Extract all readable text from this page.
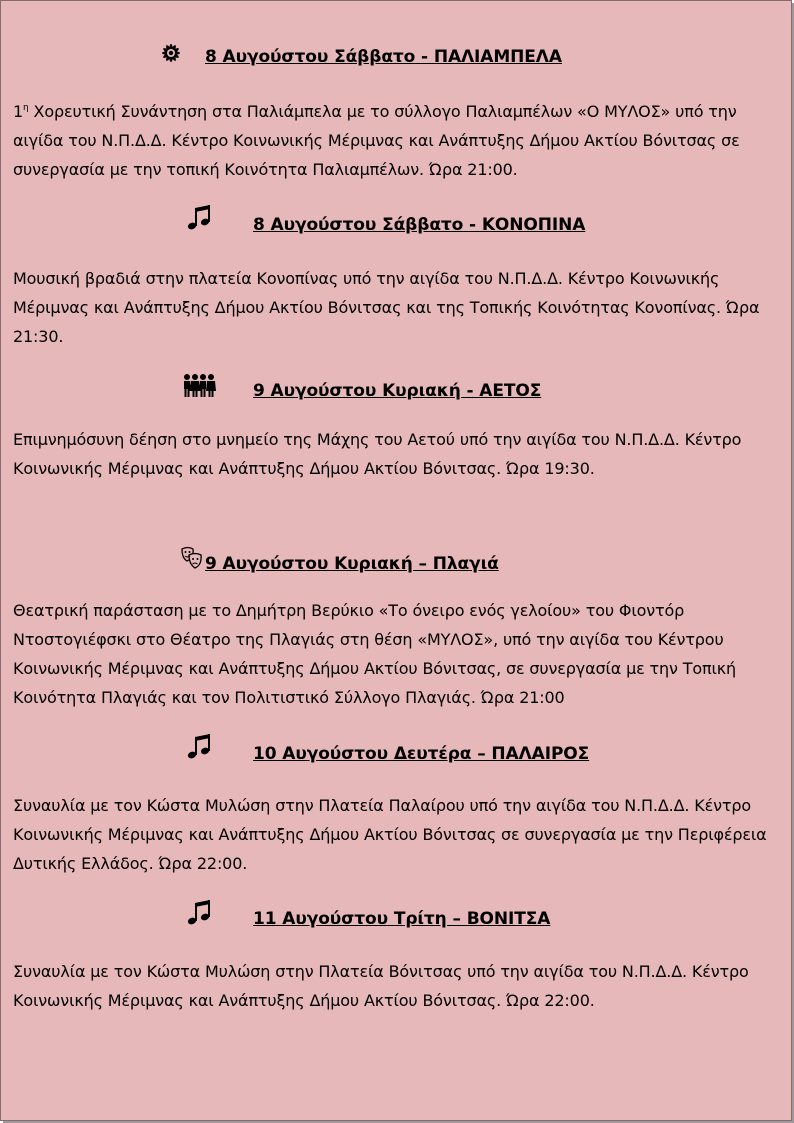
8 Αυγούστου Σάββατο - ΠΑΛΙΑΜΠΕΛΑ
$1^\eta$ Χορευτική Συνάντηση στα Παλιάμπελα με το σύλλογο Παλιαμπέλων «Ο ΜΥΛΟΣ» υπό την αιγίδα του Ν.Π.Δ.Δ. Κέντρο Κοινωνικής Μέριμνας και Ανάπτυξης Δήμου Ακτίου Βόνιτσας σε συνεργασία με την τοπική Κοινότητα Παλιαμπέλων. Ώρα 21:00.
8 Αυγούστου Σάββατο - ΚΟΝΟΠΙΝΑ
Μουσική βραδιά στην πλατεία Κονοπίνας υπό την αιγίδα του Ν.Π.Δ.Δ. Κέντρο Κοινωνικής Μέριμνας και Ανάπτυξης Δήμου Ακτίου Βόνιτσας και της Τοπικής Κοινότητας Κονοπίνας. Ώρα 21:30.
9 Αυγούστου Κυριακή - ΑΕΤΟΣ
Επιμνημόσυνη δέηση στο μνημείο της Μάχης του Αετού υπό την αιγίδα του Ν.Π.Δ.Δ. Κέντρο Κοινωνικής Μέριμνας και Ανάπτυξης Δήμου Ακτίου Βόνιτσας. Ώρα 19:30.
9 Αυγούστου Κυριακή – Πλαγιά
Θεατρική παράσταση με το Δημήτρη Βερύκιο «Το όνειρο ενός γελοίου» του Φιοντόρ Ντοστογιέφσκι στο Θέατρο της Πλαγιάς στη θέση «ΜΥΛΟΣ», υπό την αιγίδα του Κέντρου Κοινωνικής Μέριμνας και Ανάπτυξης Δήμου Ακτίου Βόνιτσας, σε συνεργασία με την Τοπική Κοινότητα Πλαγιάς και τον Πολιτιστικό Σύλλογο Πλαγιάς. Ώρα 21:00
10 Αυγούστου Δευτέρα – ΠΑΛΑΙΡΟΣ
Συναυλία με τον Κώστα Μυλώση στην Πλατεία Παλαίρου υπό την αιγίδα του Ν.Π.Δ.Δ. Κέντρο Κοινωνικής Μέριμνας και Ανάπτυξης Δήμου Ακτίου Βόνιτσας σε συνεργασία με την Περιφέρεια Δυτικής Ελλάδος. Ώρα 22:00.
11 Αυγούστου Τρίτη – ΒΟΝΙΤΣΑ
Συναυλία με τον Κώστα Μυλώση στην Πλατεία Βόνιτσας υπό την αιγίδα του Ν.Π.Δ.Δ. Κέντρο Κοινωνικής Μέριμνας και Ανάπτυξης Δήμου Ακτίου Βόνιτσας. Ώρα 22:00.
